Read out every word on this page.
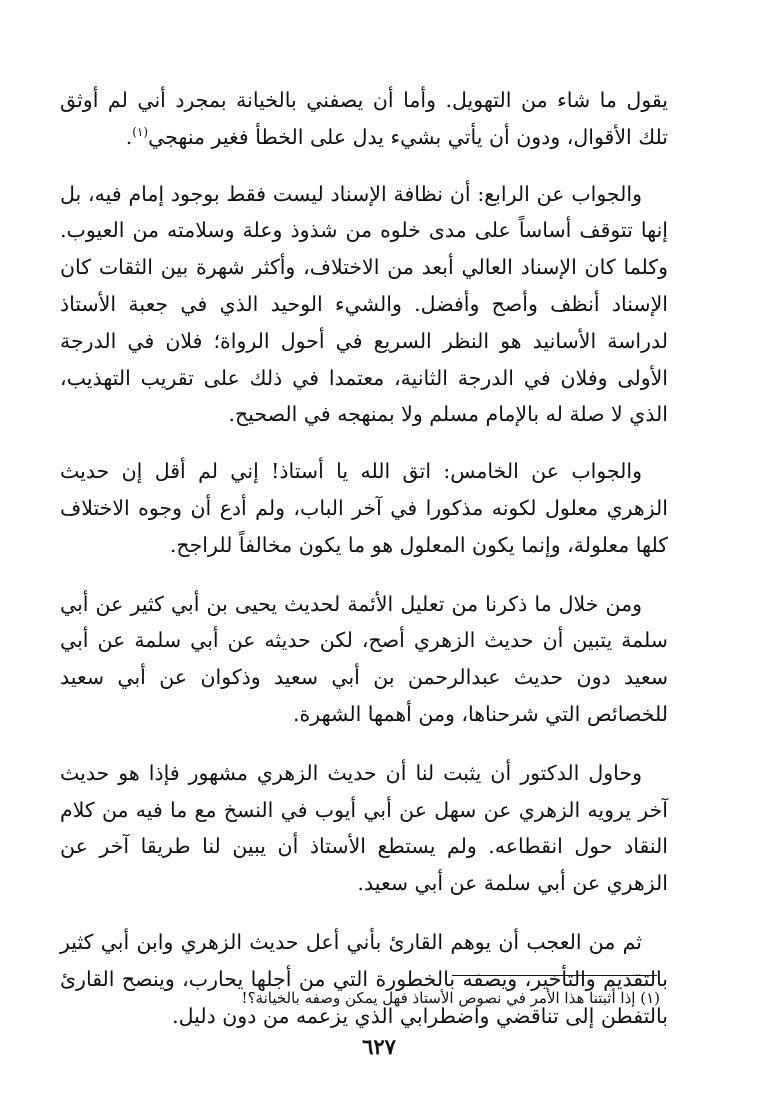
يقول ما شاء من التهويل. وأما أن يصفني بالخيانة بمجرد أني لم أوثق تلك الأقوال، ودون أن يأتي بشيء يدل على الخطأ فغير منهجي$^{(١)}$.

والجواب عن الرابع: أن نظافة الإسناد ليست فقط بوجود إمام فيه، بل إنها تتوقف أساساً على مدى خلوه من شذوذ وعلة وسلامته من العيوب. وكلما كان الإسناد العالي أبعد من الاختلاف، وأكثر شهرة بين الثقات كان الإسناد أنظف وأصح وأفضل. والشيء الوحيد الذي في جعبة الأستاذ لدراسة الأسانيد هو النظر السريع في أحول الرواة؛ فلان في الدرجة الأولى وفلان في الدرجة الثانية، معتمدا في ذلك على تقريب التهذيب، الذي لا صلة له بالإمام مسلم ولا بمنهجه في الصحيح.

والجواب عن الخامس: اتق الله يا أستاذ! إني لم أقل إن حديث الزهري معلول لكونه مذكورا في آخر الباب، ولم أدع أن وجوه الاختلاف كلها معلولة، وإنما يكون المعلول هو ما يكون مخالفاً للراجح.

ومن خلال ما ذكرنا من تعليل الأئمة لحديث يحيى بن أبي كثير عن أبي سلمة يتبين أن حديث الزهري أصح، لكن حديثه عن أبي سلمة عن أبي سعيد دون حديث عبدالرحمن بن أبي سعيد وذكوان عن أبي سعيد للخصائص التي شرحناها، ومن أهمها الشهرة.

وحاول الدكتور أن يثبت لنا أن حديث الزهري مشهور فإذا هو حديث آخر يرويه الزهري عن سهل عن أبي أيوب في النسخ مع ما فيه من كلام النقاد حول انقطاعه. ولم يستطع الأستاذ أن يبين لنا طريقا آخر عن الزهري عن أبي سلمة عن أبي سعيد.

ثم من العجب أن يوهم القارئ بأني أعل حديث الزهري وابن أبي كثير بالتقديم والتأخير، ويصفه بالخطورة التي من أجلها يحارب، وينصح القارئ بالتفطن إلى تناقضي واضطرابي الذي يزعمه من دون دليل.

(١) إذا أثبتنا هذا الأمر في نصوص الأستاذ فهل يمكن وصفه بالخيانة؟!
٦٢٧
